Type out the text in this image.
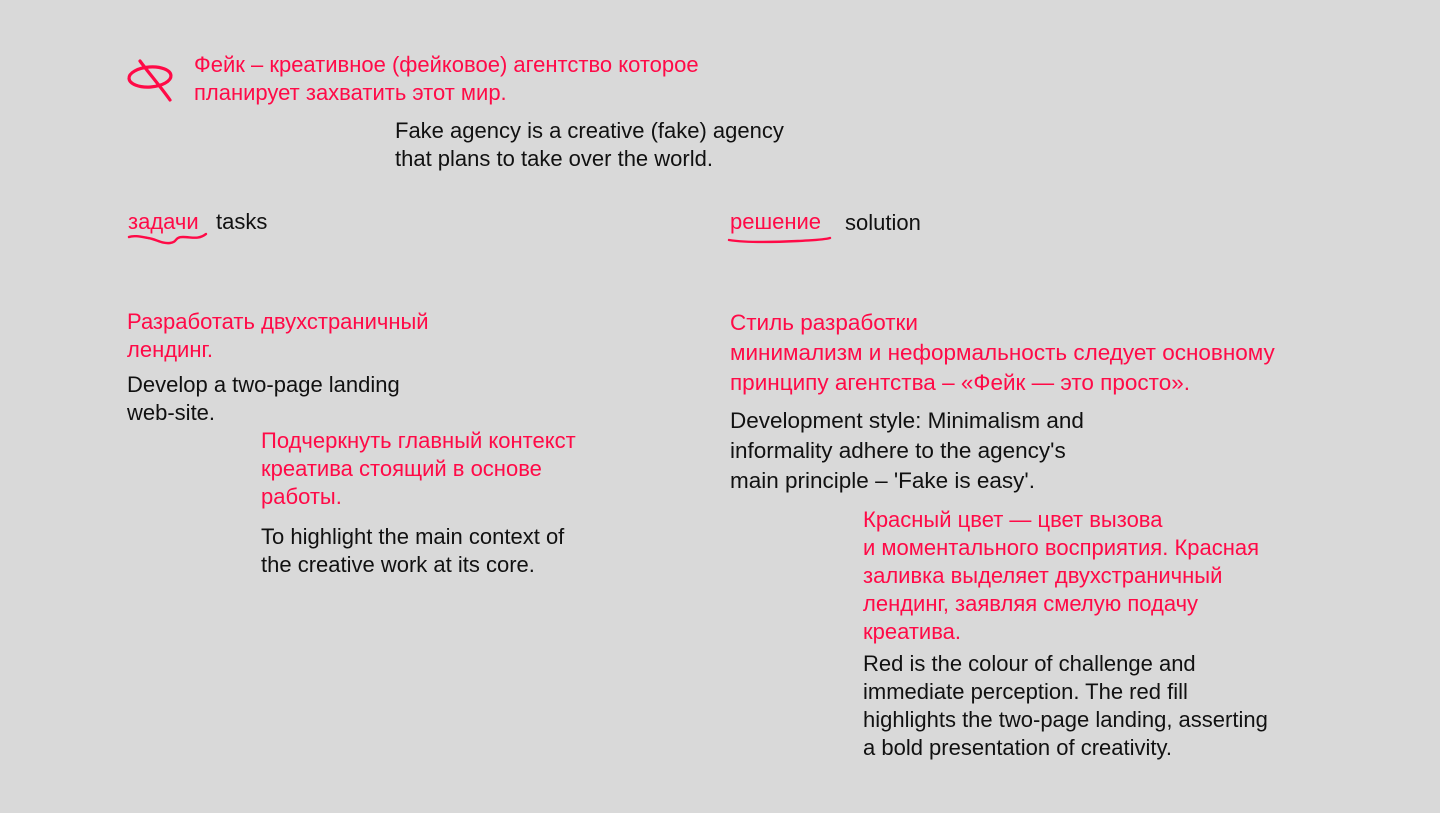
Фейк – креативное (фейковое) агентство которое
планирует захватить этот мир.
Fake agency is a creative (fake) agency
that plans to take over the world.
задачи tasks	решение solution
Разработать двухстраничный
лендинг.
Develop a two-page landing
web-site.
Подчеркнуть главный контекст
креатива стоящий в основе
работы.
To highlight the main context of
the creative work at its core.
Стиль разработки
минимализм и неформальность следует основному
принципу агентства – «Фейк — это просто».
Development style: Minimalism and
informality adhere to the agency's
main principle – 'Fake is easy'.
Красный цвет — цвет вызова
и моментального восприятия. Красная
заливка выделяет двухстраничный
лендинг, заявляя смелую подачу
креатива.
Red is the colour of challenge and
immediate perception. The red fill
highlights the two-page landing, asserting
a bold presentation of creativity.
